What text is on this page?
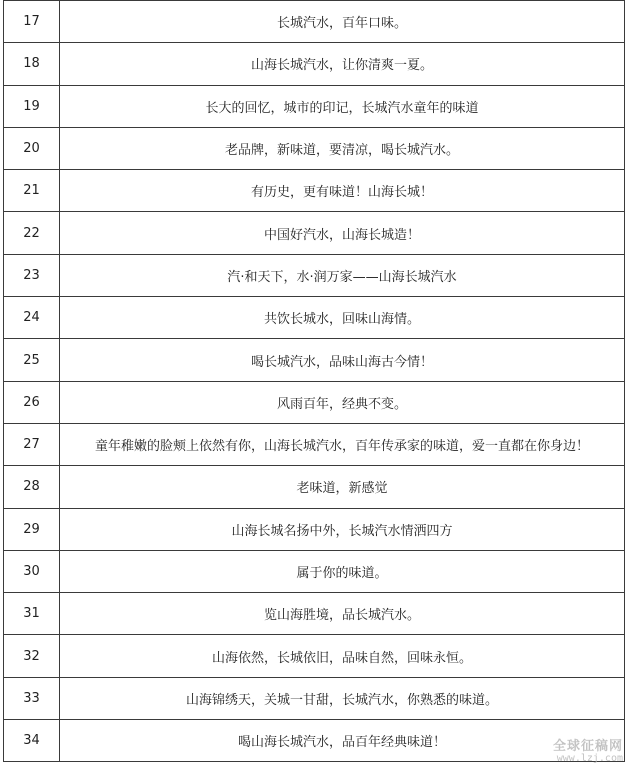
17	长城汽水，百年口味。
18	山海长城汽水，让你清爽一夏。
19	长大的回忆，城市的印记，长城汽水童年的味道
20	老品牌，新味道，要清凉，喝长城汽水。
21	有历史，更有味道！山海长城！
22	中国好汽水，山海长城造！
23	汽·和天下，水·润万家——山海长城汽水
24	共饮长城水，回味山海情。
25	喝长城汽水，品味山海古今情！
26	风雨百年，经典不变。
27	童年稚嫩的脸颊上依然有你，山海长城汽水，百年传承家的味道，爱一直都在你身边！
28	老味道，新感觉
29	山海长城名扬中外，长城汽水情洒四方
30	属于你的味道。
31	览山海胜境，品长城汽水。
32	山海依然，长城依旧，品味自然，回味永恒。
33	山海锦绣天，关城一甘甜，长城汽水，你熟悉的味道。
34	喝山海长城汽水，品百年经典味道！	全球征稿网
www.lzj.com
